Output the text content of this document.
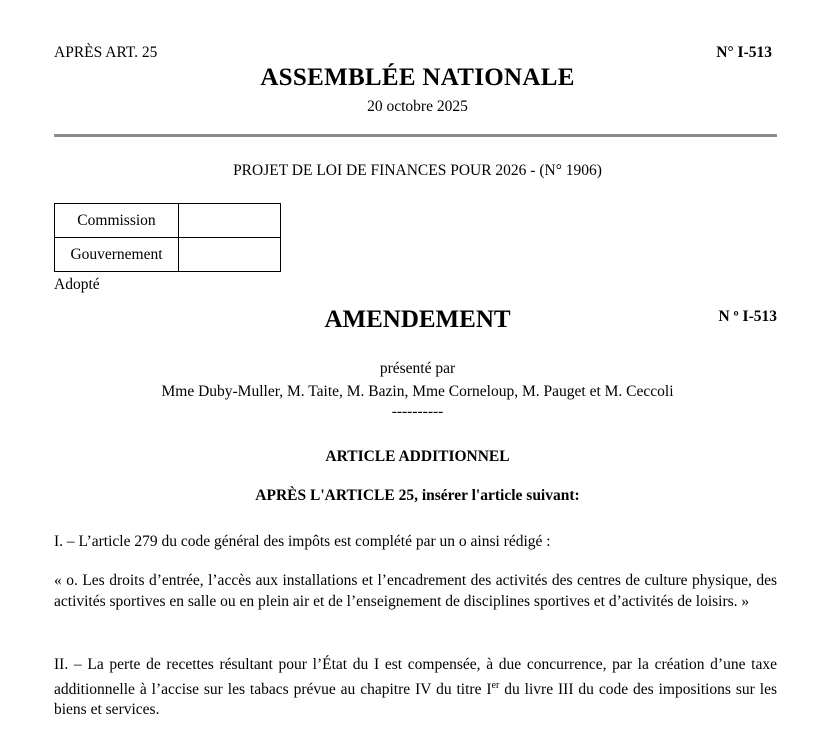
APRÈS ART. 25	N° I-513
ASSEMBLÉE NATIONALE
20 octobre 2025
PROJET DE LOI DE FINANCES POUR 2026 - (N° 1906)
Commission	
Gouvernement	
Adopté
AMENDEMENT	N º I-513
présenté par
Mme Duby-Muller, M. Taite, M. Bazin, Mme Corneloup, M. Pauget et M. Ceccoli
----------
ARTICLE ADDITIONNEL
APRÈS L'ARTICLE 25, insérer l'article suivant:
I. – L’article 279 du code général des impôts est complété par un o ainsi rédigé :
« o. Les droits d’entrée, l’accès aux installations et l’encadrement des activités des centres de culture physique, des activités sportives en salle ou en plein air et de l’enseignement de disciplines sportives et d’activités de loisirs. »
II. – La perte de recettes résultant pour l’État du I est compensée, à due concurrence, par la création d’une taxe additionnelle à l’accise sur les tabacs prévue au chapitre IV du titre Ier du livre III du code des impositions sur les biens et services.
